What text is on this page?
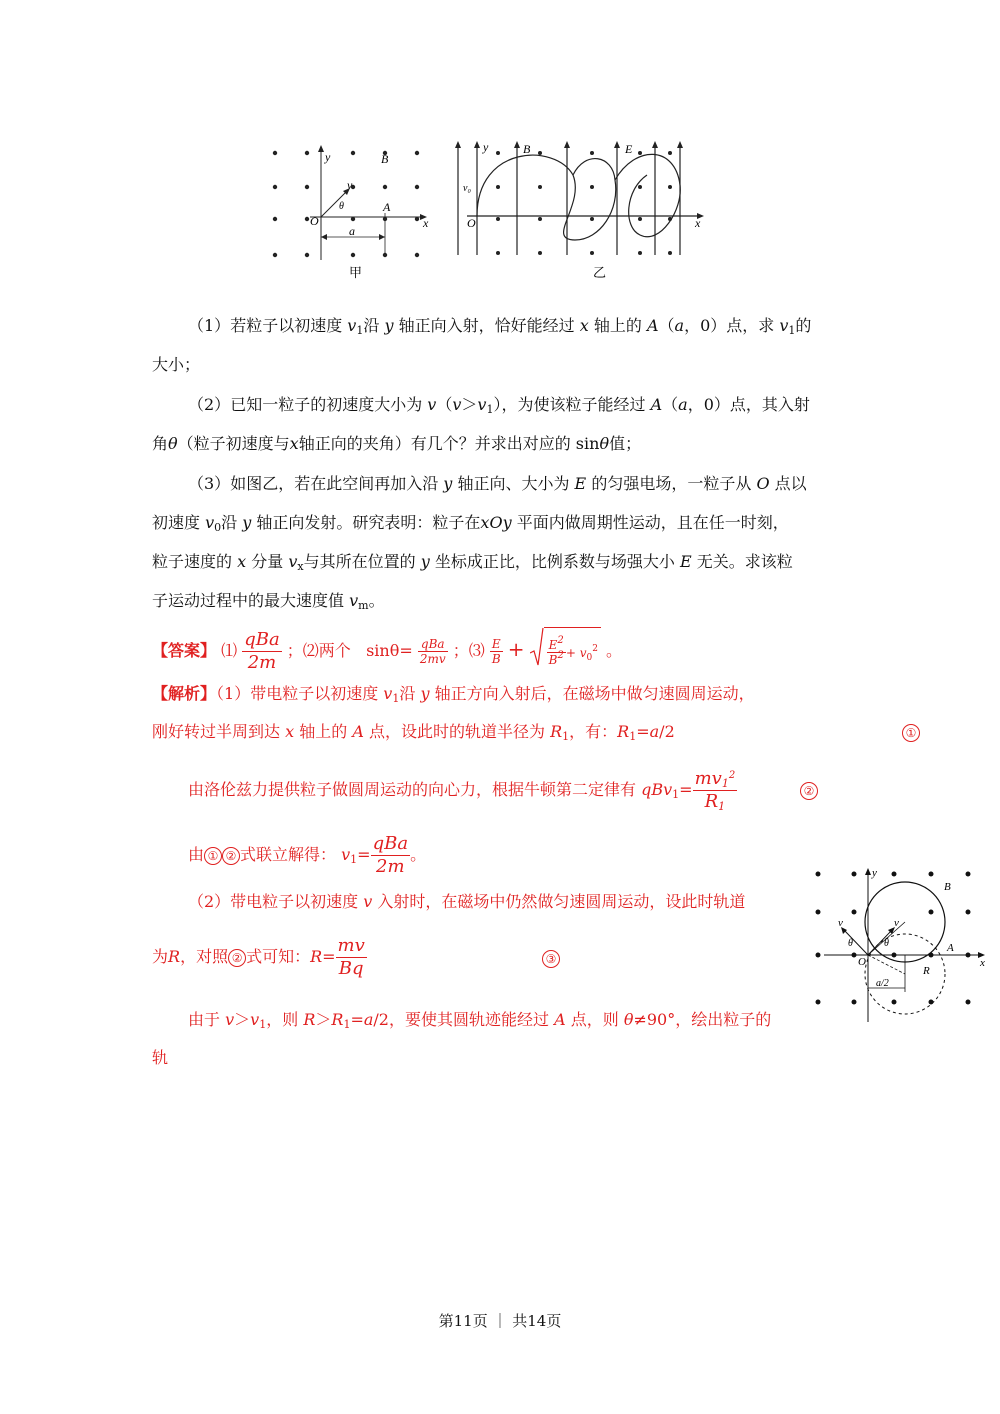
y	B
v
θ
O
A
x
a
甲
y	B	E
v₀
O	x
乙
（1）若粒子以初速度 $v_1$沿 y 轴正向入射，恰好能经过 x 轴上的 A（a，0）点，求 $v_1$的
大小；
（2）已知一粒子的初速度大小为 $v(v>v_1)$，为使该粒子能经过 A（a，0）点，其入射
角θ（粒子初速度与x轴正向的夹角）有几个？并求出对应的 sinθ值；
（3）如图乙，若在此空间再加入沿 y 轴正向、大小为 E 的匀强电场，一粒子从 O 点以
初速度 $v_0$沿 y 轴正向发射。研究表明：粒子在xOy 平面内做周期性运动，且在任一时刻，
粒子速度的 x 分量 $v_x$与其所在位置的 y 坐标成正比，比例系数与场强大小 E 无关。求该粒
子运动过程中的最大速度值 $v_m$。
【答案】 ⑴ $\frac{\text{qBa}}{2m}$ ；⑵两个 $\sin\theta= \frac{\text{qBa}}{2mv}$ ；⑶ $\frac{E}{B} + \frac{E^2}{B^2} + v_0^2$ 。
【解析】（1）带电粒子以初速度 $v_1$沿 y 轴正方向入射后，在磁场中做匀速圆周运动，
刚好转过半周到达 x 轴上的 A 点，设此时的轨道半径为 $R_1$，有：$R_1=a/2$	①
由洛伦兹力提供粒子做圆周运动的向心力，根据牛顿第二定律有 $qBv_1= \frac{mv_1^2}{R_1}$	②
由 ① ② 式联立解得： $v_1= \frac{\text{qBa}}{2m}$ 。
（2）带电粒子以初速度 v 入射时，在磁场中仍然做匀速圆周运动，设此时轨道
为R，对照 ② 式可知：$R= \frac{mv}{Bq}$	③
由于 $v>v_1$，则 $R>R_1=a/2$，要使其圆轨迹能经过 A 点，则 θ≠90°，绘出粒子的
轨
y
B
v	v
θ	θ
O
A
x
R
a/2
第11页 ｜ 共14页
